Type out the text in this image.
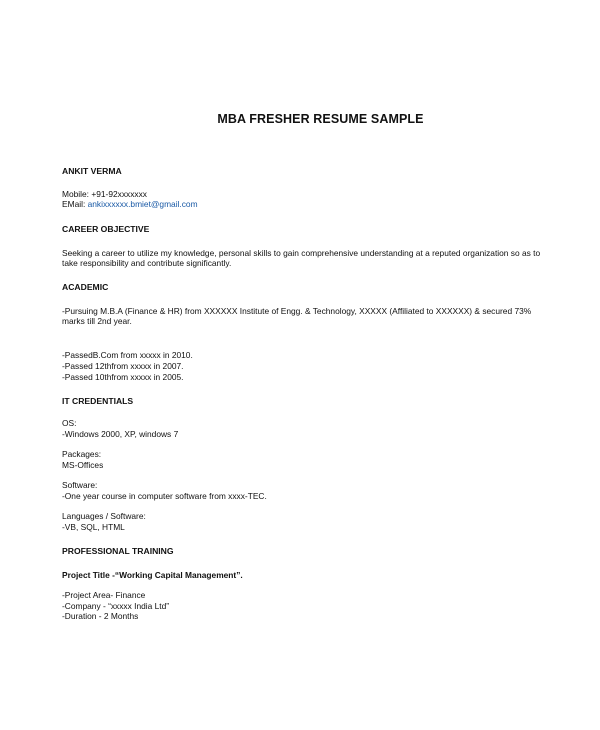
MBA FRESHER RESUME SAMPLE
ANKIT VERMA
Mobile: +91-92xxxxxxx
EMail: ankixxxxxx.bmiet@gmail.com
CAREER OBJECTIVE
Seeking a career to utilize my knowledge, personal skills to gain comprehensive understanding at a reputed organization so as to
take responsibility and contribute significantly.
ACADEMIC
-Pursuing M.B.A (Finance & HR) from XXXXXX Institute of Engg. & Technology, XXXXX (Affiliated to XXXXXX) & secured 73%
marks till 2nd year.
-PassedB.Com from xxxxx in 2010.
-Passed 12thfrom xxxxx in 2007.
-Passed 10thfrom xxxxx in 2005.
IT CREDENTIALS
OS:
-Windows 2000, XP, windows 7
Packages:
MS-Offices
Software:
-One year course in computer software from xxxx-TEC.
Languages / Software:
-VB, SQL, HTML
PROFESSIONAL TRAINING
Project Title -“Working Capital Management”.
-Project Area- Finance
-Company - “xxxxx India Ltd”
-Duration - 2 Months
